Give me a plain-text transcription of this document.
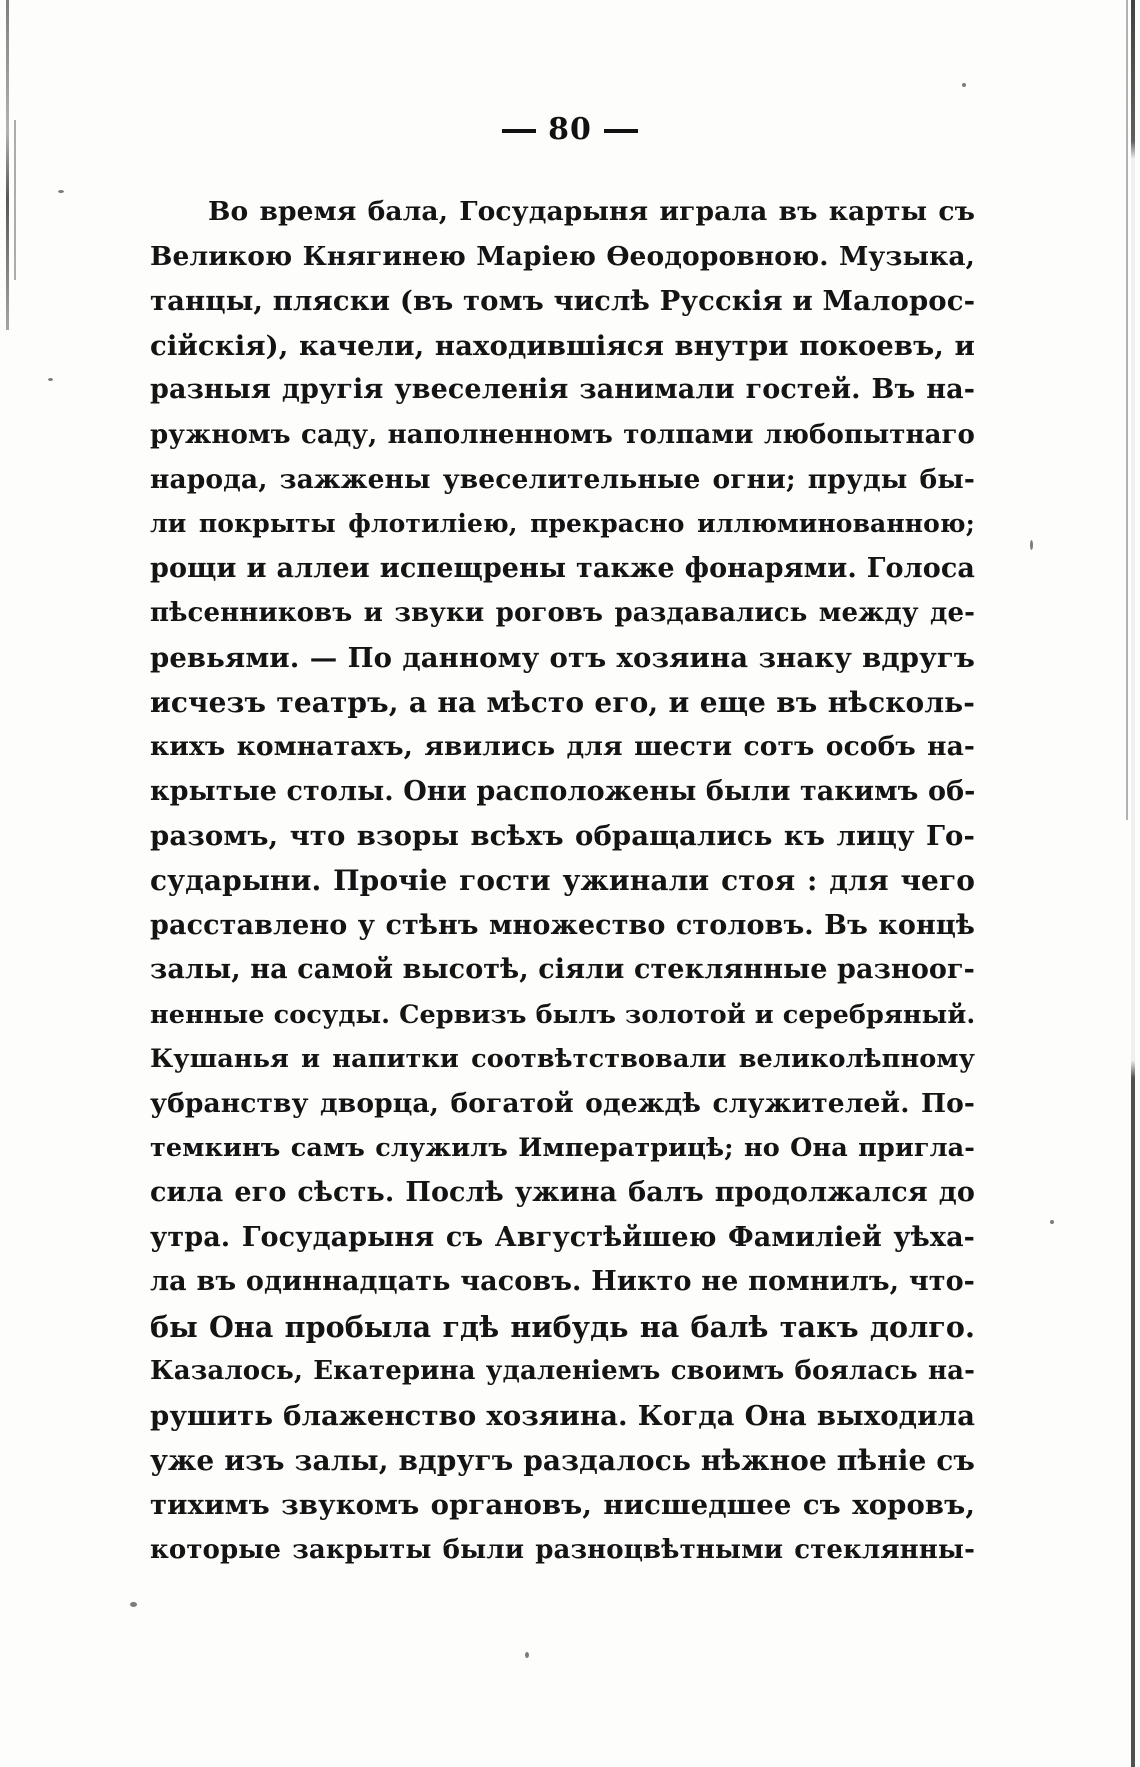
80
Во время бала, Государыня играла въ карты съ
Великою Княгинею Маріею Өеодоровною. Музыка,
танцы, пляски (въ томъ числѣ Русскія и Малорос-
сійскія), качели, находившіяся внутри покоевъ, и
разныя другія увеселенія занимали гостей. Въ на-
ружномъ саду, наполненномъ толпами любопытнаго
народа, зажжены увеселительные огни; пруды бы-
ли покрыты флотиліею, прекрасно иллюминованною;
рощи и аллеи испещрены также фонарями. Голоса
пѣсенниковъ и звуки роговъ раздавались между де-
ревьями. — По данному отъ хозяина знаку вдругъ
исчезъ театръ, а на мѣсто его, и еще въ нѣсколь-
кихъ комнатахъ, явились для шести сотъ особъ на-
крытые столы. Они расположены были такимъ об-
разомъ, что взоры всѣхъ обращались къ лицу Го-
сударыни. Прочіе гости ужинали стоя : для чего
расставлено у стѣнъ множество столовъ. Въ концѣ
залы, на самой высотѣ, сіяли стеклянные разноог-
ненные сосуды. Сервизъ былъ золотой и серебряный.
Кушанья и напитки соотвѣтствовали великолѣпному
убранству дворца, богатой одеждѣ служителей. По-
темкинъ самъ служилъ Императрицѣ; но Она пригла-
сила его сѣсть. Послѣ ужина балъ продолжался до
утра. Государыня съ Августѣйшею Фамиліей уѣха-
ла въ одиннадцать часовъ. Никто не помнилъ, что-
бы Она пробыла гдѣ нибудь на балѣ такъ долго.
Казалось, Екатерина удаленіемъ своимъ боялась на-
рушить блаженство хозяина. Когда Она выходила
уже изъ залы, вдругъ раздалось нѣжное пѣніе съ
тихимъ звукомъ органовъ, нисшедшее съ хоровъ,
которые закрыты были разноцвѣтными стеклянны-
